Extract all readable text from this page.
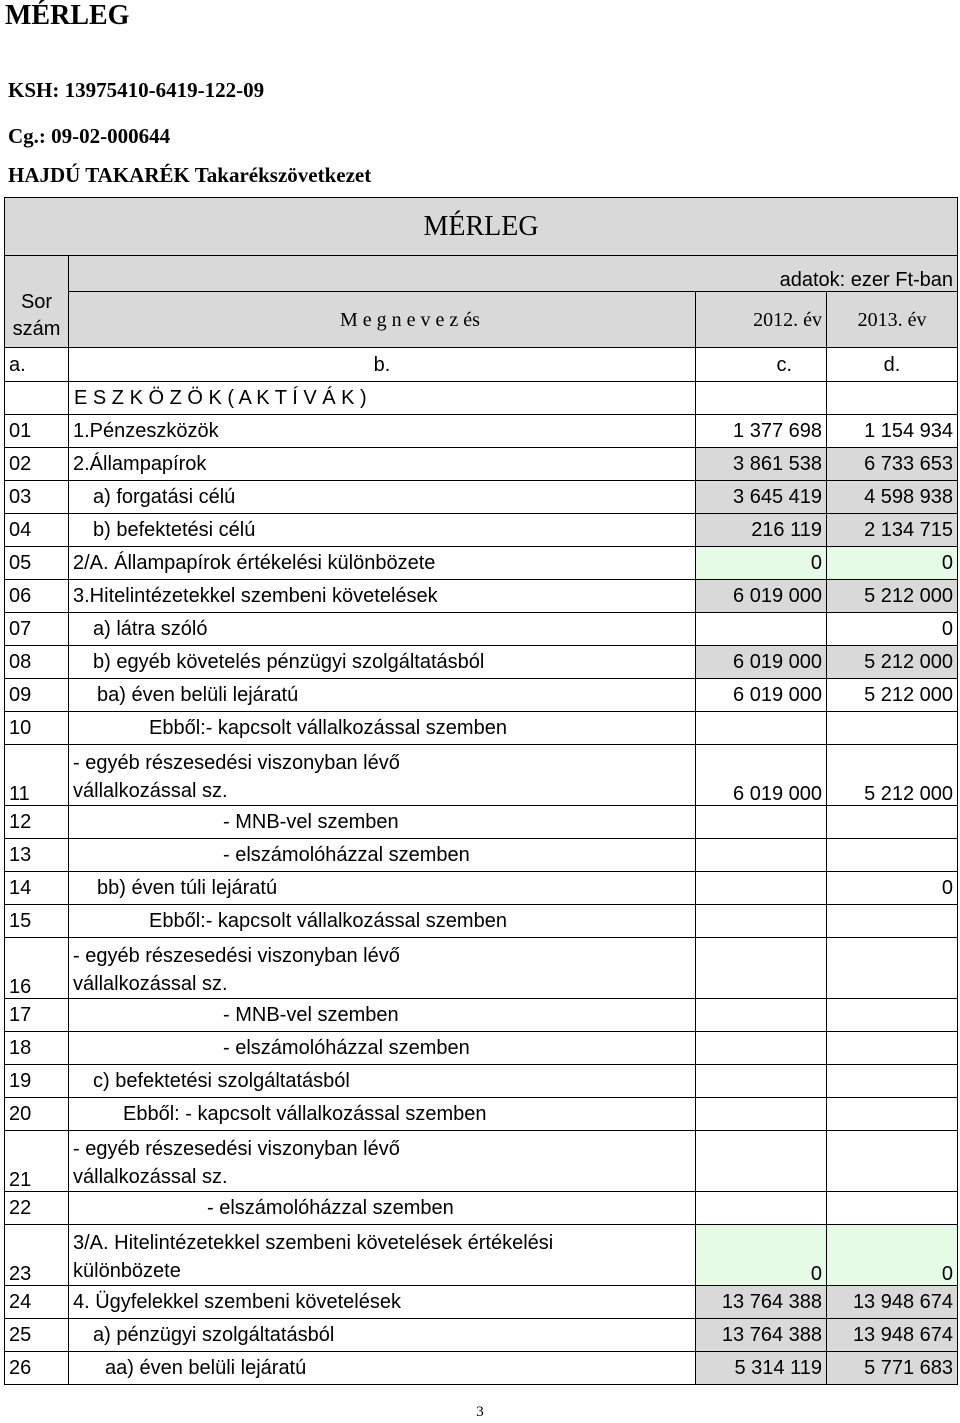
MÉRLEG
KSH: 13975410-6419-122-09
Cg.: 09-02-000644
HAJDÚ TAKARÉK Takarékszövetkezet
MÉRLEG			
Sor szám	adatok: ezer Ft-ban		
	M e g n e v e z és	2012. év	2013. év
a.	b.	c.	d.
	E S Z K Ö Z Ö K ( A K T Í V Á K )		
01	1.Pénzeszközök	1 377 698	1 154 934
02	2.Állampapírok	3 861 538	6 733 653
03	a) forgatási célú	3 645 419	4 598 938
04	b) befektetési célú	216 119	2 134 715
05	2/A. Állampapírok értékelési különbözete	0	0
06	3.Hitelintézetekkel szembeni követelések	6 019 000	5 212 000
07	a) látra szóló		0
08	b) egyéb követelés pénzügyi szolgáltatásból	6 019 000	5 212 000
09	ba) éven belüli lejáratú	6 019 000	5 212 000
10	Ebből:- kapcsolt vállalkozással szemben		
11	- egyéb részesedési viszonyban lévő
vállalkozással sz.	6 019 000	5 212 000
12	- MNB-vel szemben		
13	- elszámolóházzal szemben		
14	bb) éven túli lejáratú		0
15	Ebből:- kapcsolt vállalkozással szemben		
16	- egyéb részesedési viszonyban lévő
vállalkozással sz.		

17	- MNB-vel szemben		
18	- elszámolóházzal szemben		
19	c) befektetési szolgáltatásból		
20	Ebből: - kapcsolt vállalkozással szemben		
21	- egyéb részesedési viszonyban lévő
vállalkozással sz.		

22	- elszámolóházzal szemben		
23	3/A. Hitelintézetekkel szembeni követelések értékelési
különbözete	0	0
24	4. Ügyfelekkel szembeni követelések	13 764 388	13 948 674
25	a) pénzügyi szolgáltatásból	13 764 388	13 948 674
26	aa) éven belüli lejáratú	5 314 119	5 771 683
3
